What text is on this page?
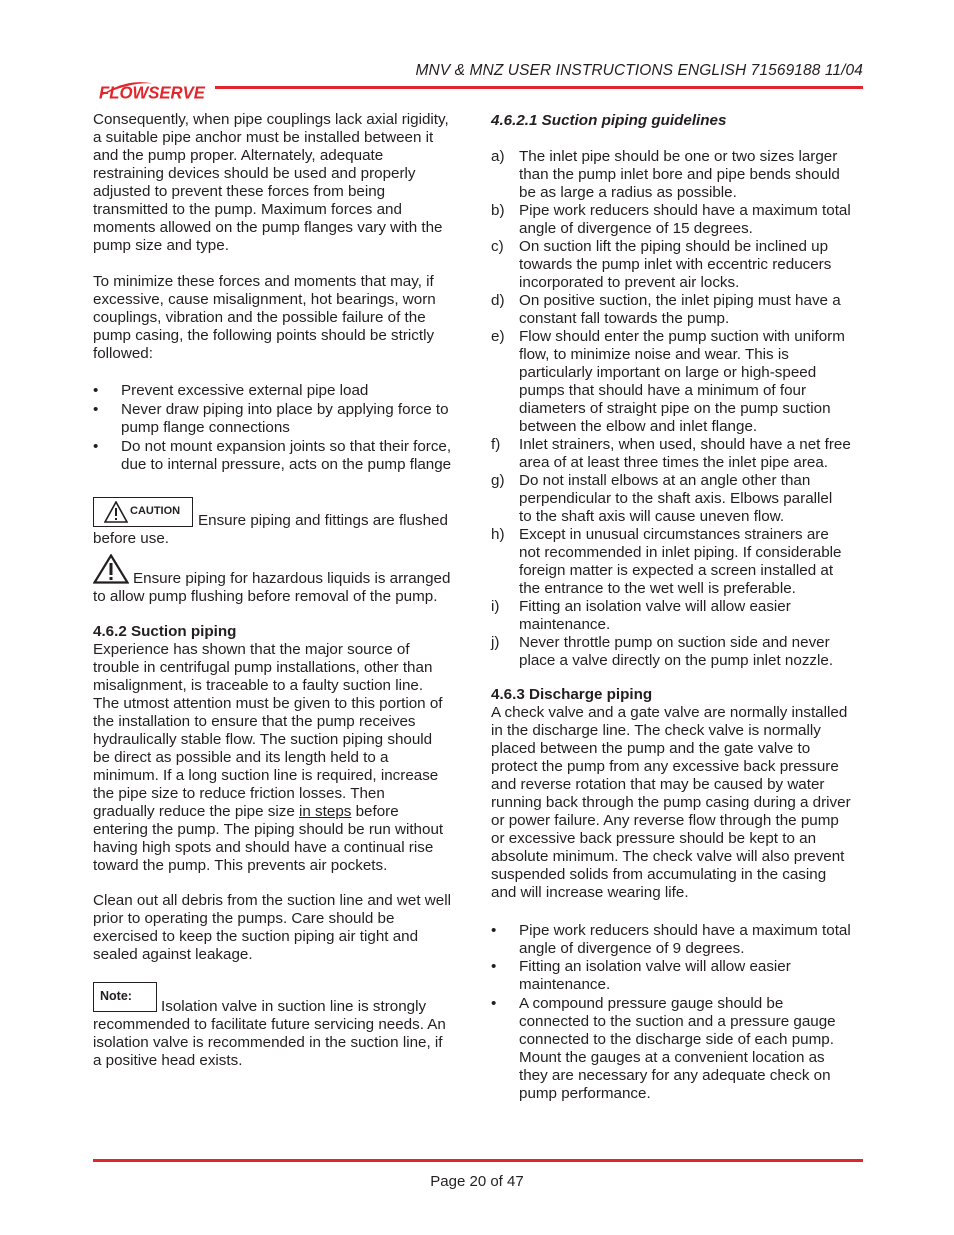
MNV & MNZ USER INSTRUCTIONS ENGLISH 71569188 11/04
FLOWSERVE
Consequently, when pipe couplings lack axial rigidity,
a suitable pipe anchor must be installed between it
and the pump proper. Alternately, adequate
restraining devices should be used and properly
adjusted to prevent these forces from being
transmitted to the pump. Maximum forces and
moments allowed on the pump flanges vary with the
pump size and type.
To minimize these forces and moments that may, if
excessive, cause misalignment, hot bearings, worn
couplings, vibration and the possible failure of the
pump casing, the following points should be strictly
followed:
• Prevent excessive external pipe load
• Never draw piping into place by applying force to
pump flange connections
• Do not mount expansion joints so that their force,
due to internal pressure, acts on the pump flange
CAUTION
Ensure piping and fittings are flushed
before use.
Ensure piping for hazardous liquids is arranged
to allow pump flushing before removal of the pump.
4.6.2 Suction piping
Experience has shown that the major source of
trouble in centrifugal pump installations, other than
misalignment, is traceable to a faulty suction line.
The utmost attention must be given to this portion of
the installation to ensure that the pump receives
hydraulically stable flow. The suction piping should
be direct as possible and its length held to a
minimum. If a long suction line is required, increase
the pipe size to reduce friction losses. Then
gradually reduce the pipe size in steps before
entering the pump. The piping should be run without
having high spots and should have a continual rise
toward the pump. This prevents air pockets.
Clean out all debris from the suction line and wet well
prior to operating the pumps. Care should be
exercised to keep the suction piping air tight and
sealed against leakage.
Note:
Isolation valve in suction line is strongly
recommended to facilitate future servicing needs. An
isolation valve is recommended in the suction line, if
a positive head exists.
4.6.2.1 Suction piping guidelines
a) The inlet pipe should be one or two sizes larger
than the pump inlet bore and pipe bends should
be as large a radius as possible.
b) Pipe work reducers should have a maximum total
angle of divergence of 15 degrees.
c) On suction lift the piping should be inclined up
towards the pump inlet with eccentric reducers
incorporated to prevent air locks.
d) On positive suction, the inlet piping must have a
constant fall towards the pump.
e) Flow should enter the pump suction with uniform
flow, to minimize noise and wear. This is
particularly important on large or high-speed
pumps that should have a minimum of four
diameters of straight pipe on the pump suction
between the elbow and inlet flange.
f) Inlet strainers, when used, should have a net free
area of at least three times the inlet pipe area.
g) Do not install elbows at an angle other than
perpendicular to the shaft axis. Elbows parallel
to the shaft axis will cause uneven flow.
h) Except in unusual circumstances strainers are
not recommended in inlet piping. If considerable
foreign matter is expected a screen installed at
the entrance to the wet well is preferable.
i) Fitting an isolation valve will allow easier
maintenance.
j) Never throttle pump on suction side and never
place a valve directly on the pump inlet nozzle.
4.6.3 Discharge piping
A check valve and a gate valve are normally installed
in the discharge line. The check valve is normally
placed between the pump and the gate valve to
protect the pump from any excessive back pressure
and reverse rotation that may be caused by water
running back through the pump casing during a driver
or power failure. Any reverse flow through the pump
or excessive back pressure should be kept to an
absolute minimum. The check valve will also prevent
suspended solids from accumulating in the casing
and will increase wearing life.
• Pipe work reducers should have a maximum total
angle of divergence of 9 degrees.
• Fitting an isolation valve will allow easier
maintenance.
• A compound pressure gauge should be
connected to the suction and a pressure gauge
connected to the discharge side of each pump.
Mount the gauges at a convenient location as
they are necessary for any adequate check on
pump performance.
Page 20 of 47
